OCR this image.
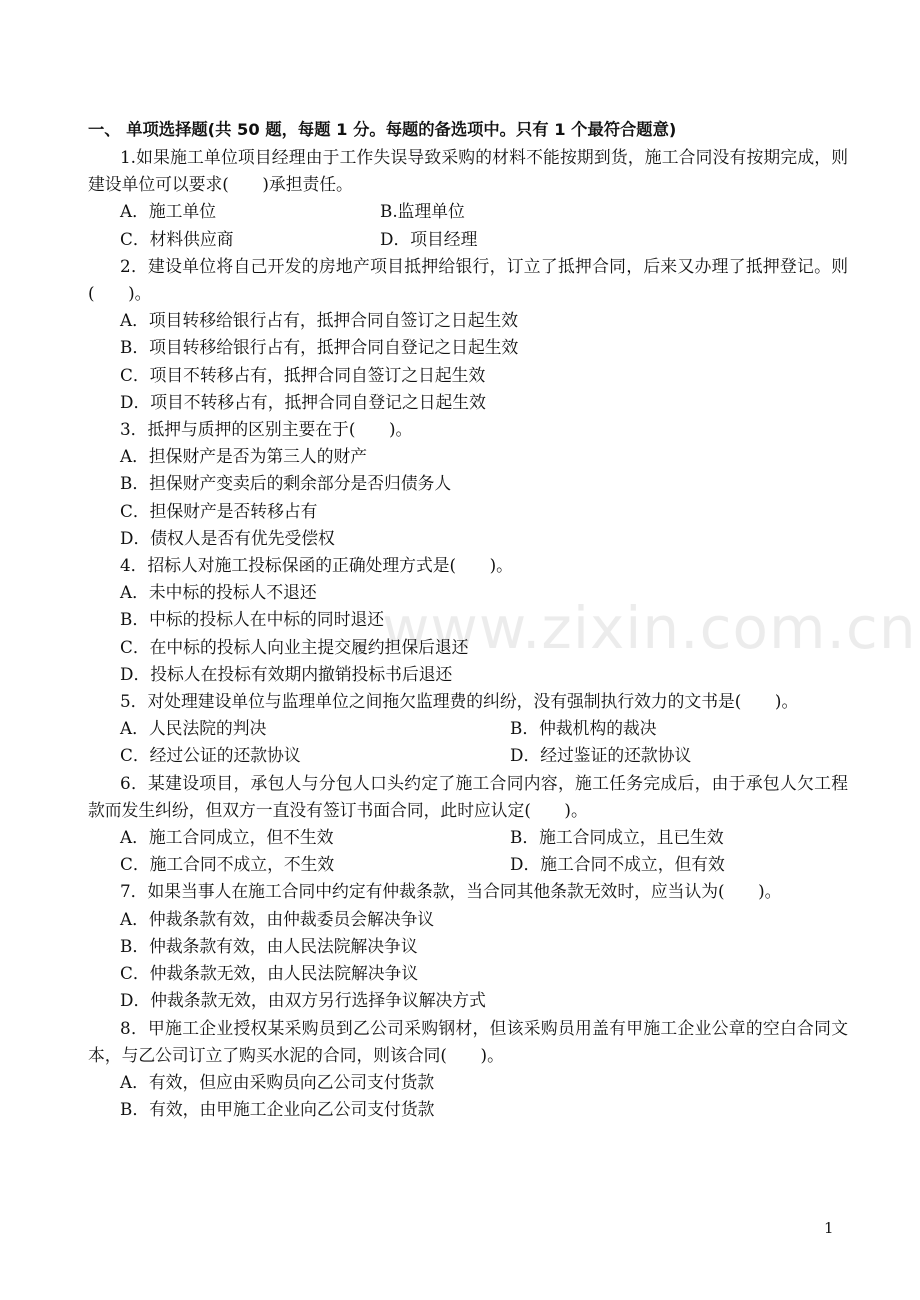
www.zixin.com.cn
一、 单项选择题(共 50 题，每题 1 分。每题的备选项中。只有 1 个最符合题意)

1.如果施工单位项目经理由于工作失误导致采购的材料不能按期到货，施工合同没有按期完成，则建设单位可以要求(　　)承担责任。

A．施工单位	B.监理单位
C．材料供应商	D．项目经理

2．建设单位将自己开发的房地产项目抵押给银行，订立了抵押合同，后来又办理了抵押登记。则(　　)。

A．项目转移给银行占有，抵押合同自签订之日起生效

B．项目转移给银行占有，抵押合同自登记之日起生效

C．项目不转移占有，抵押合同自签订之日起生效

D．项目不转移占有，抵押合同自登记之日起生效

3．抵押与质押的区别主要在于(　　)。

A．担保财产是否为第三人的财产

B．担保财产变卖后的剩余部分是否归债务人

C．担保财产是否转移占有

D．债权人是否有优先受偿权

4．招标人对施工投标保函的正确处理方式是(　　)。

A．未中标的投标人不退还

B．中标的投标人在中标的同时退还

C．在中标的投标人向业主提交履约担保后退还

D．投标人在投标有效期内撤销投标书后退还

5．对处理建设单位与监理单位之间拖欠监理费的纠纷，没有强制执行效力的文书是(　　)。

A．人民法院的判决	B．仲裁机构的裁决
C．经过公证的还款协议	D．经过鉴证的还款协议

6．某建设项目，承包人与分包人口头约定了施工合同内容，施工任务完成后，由于承包人欠工程款而发生纠纷，但双方一直没有签订书面合同，此时应认定(　　)。

A．施工合同成立，但不生效	B．施工合同成立，且已生效
C．施工合同不成立，不生效	D．施工合同不成立，但有效

7．如果当事人在施工合同中约定有仲裁条款，当合同其他条款无效时，应当认为(　　)。

A．仲裁条款有效，由仲裁委员会解决争议

B．仲裁条款有效，由人民法院解决争议

C．仲裁条款无效，由人民法院解决争议

D．仲裁条款无效，由双方另行选择争议解决方式

8．甲施工企业授权某采购员到乙公司采购钢材，但该采购员用盖有甲施工企业公章的空白合同文本，与乙公司订立了购买水泥的合同，则该合同(　　)。

A．有效，但应由采购员向乙公司支付货款

B．有效，由甲施工企业向乙公司支付货款

1
